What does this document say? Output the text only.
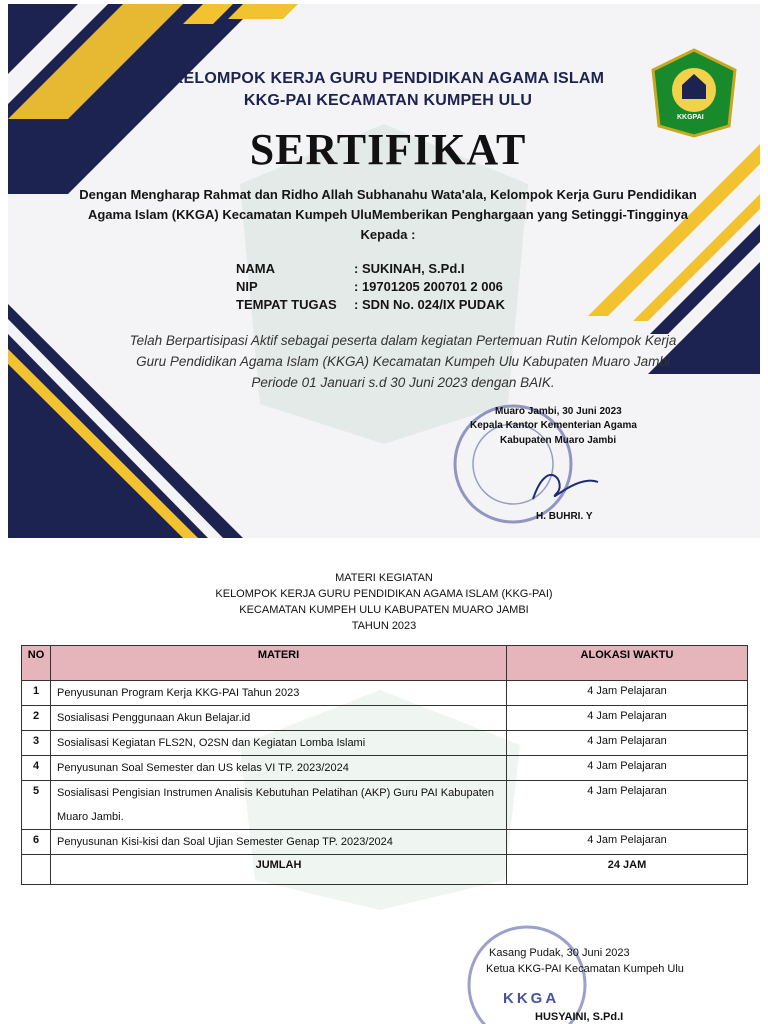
KKGPAI
KELOMPOK KERJA GURU PENDIDIKAN AGAMA ISLAM
KKG-PAI KECAMATAN KUMPEH ULU
SERTIFIKAT
Dengan Mengharap Rahmat dan Ridho Allah Subhanahu Wata'ala, Kelompok Kerja Guru Pendidikan Agama Islam (KKGA) Kecamatan Kumpeh UluMemberikan Penghargaan yang Setinggi-Tingginya Kepada :
NAMA	: SUKINAH, S.Pd.I
NIP	: 19701205 200701 2 006
TEMPAT TUGAS : SDN No. 024/IX PUDAK
Telah Berpartisipasi Aktif sebagai peserta dalam kegiatan Pertemuan Rutin Kelompok Kerja Guru Pendidikan Agama Islam (KKGA) Kecamatan Kumpeh Ulu Kabupaten Muaro Jambi Periode 01 Januari s.d 30 Juni 2023 dengan BAIK.
Muaro Jambi, 30 Juni 2023
Kepala Kantor Kementerian Agama
Kabupaten Muaro Jambi
H. BUHRI. Y
MATERI KEGIATAN
KELOMPOK KERJA GURU PENDIDIKAN AGAMA ISLAM (KKG-PAI)
KECAMATAN KUMPEH ULU KABUPATEN MUARO JAMBI
TAHUN 2023
NO	MATERI	ALOKASI WAKTU
1	Penyusunan Program Kerja KKG-PAI Tahun 2023	4 Jam Pelajaran
2	Sosialisasi Penggunaan Akun Belajar.id	4 Jam Pelajaran
3	Sosialisasi Kegiatan FLS2N, O2SN dan Kegiatan Lomba Islami	4 Jam Pelajaran
4	Penyusunan Soal Semester dan US kelas VI TP. 2023/2024	4 Jam Pelajaran
5	Sosialisasi Pengisian Instrumen Analisis Kebutuhan Pelatihan (AKP) Guru PAI Kabupaten Muaro Jambi.	4 Jam Pelajaran
6	Penyusunan Kisi-kisi dan Soal Ujian Semester Genap TP. 2023/2024	4 Jam Pelajaran
	JUMLAH	24 JAM
Kasang Pudak, 30 Juni 2023
Ketua KKG-PAI Kecamatan Kumpeh Ulu
KKGA
HUSYAINI, S.Pd.I
